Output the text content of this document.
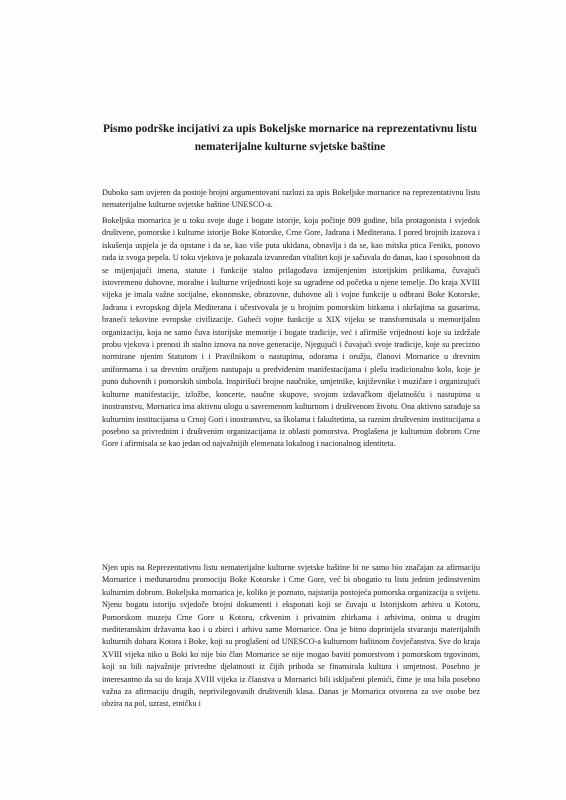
Pismo podrške incijativi za upis Bokeljske mornarice na reprezentativnu listu nematerijalne kulturne svjetske baštine

Duboko sam uvjeren da postoje brojni argumentovani razlozi za upis Bokeljske mornarice na reprezentativnu listu nematerijalne kulturne svjetske baštine UNESCO-a.

Bokeljska mornarica je u toku svoje duge i bogate istorije, koja počinje 809 godine, bila protagonista i svjedok društvene, pomorske i kulturne istorije Boke Kotorske, Crne Gore, Jadrana i Mediterana. I pored brojnih izazova i iskušenja uspjela je da opstane i da se, kao više puta ukidana, obnavlja i da se, kao mitska ptica Feniks, ponovo rada iz svoga pepela. U toku vjekova je pokazala izvanredan vitalitet koji je sačuvala do danas, kao i sposobnost da se mijenjajući imena, statute i funkcije stalno prilagođava izmijenjenim istorijskim prilikama, čuvajući istovremeno duhovne, moralne i kulturne vrijednosti koje su ugrađene od početka u njene temelje. Do kraja XVIII vijeka je imala važne socijalne, ekonomske, obrazovne, duhovne ali i vojne funkcije u odbrani Boke Kotorske, Jadrana i evropskog dijela Mediterana i učestvovala je u brojnim pomorskim bitkama i okršajima sa gusarima, braneći tekovine evropske civilizacije. Gubeći vojne funkcije u XIX vijeku se transformisala u memorijalnu organizaciju, koja ne samo čuva istorijske memorije i bogate tradicije, već i afirmiše vrijednosti koje su izdržale probu vjekova i prenosi ih stalno iznova na nove generacije. Njegujući i čuvajući svoje tradicije, koje su precizno normirane njenim Statutom i i Pravilnikom o nastupima, odorama i oružju, članovi Mornarice u drevnim uniformama i sa drevnim oružjem nastupaju u predviđenim manifestacijama i plešu tradicionalno kolo, koje je puno duhovnih i pomorskih simbola. Inspirišući brojne naučnike, umjetnike, književnike i muzičare i organizujući kulturne manifestacije, izložbe, koncerte, naučne skupove, svojom izdavačkom djelatnošću i nastupima u inostranstvu, Mornarica ima aktivnu ulogu u savremenom kulturnom i društvenom životu. Ona aktivno sarađuje sa kulturnim institucijama u Crnoj Gori i inostranstvu, sa školama i fakultetima, sa raznim društvenim institucijama a posebno sa privrednim i društvenim organizacijama iz oblasti pomorstva. Proglašena je kulturnim dobrom Crne Gore i afirmisala se kao jedan od najvažnijih elemenata lokalnog i nacionalnog identiteta.

Njen upis na Reprezentativnu listu nematerijalne kulturne svjetske baštine bi ne samo bio značajan za afirmaciju Mornarice i međunarodnu promociju Boke Kotorske i Crne Gore, već bi obogatio tu listu jednim jedinstvenim kulturnim dobrom. Bokeljska mornarica je, koliko je poznato, najstarija postojeća pomorska organizacija u svijetu. Njenu bogatu istoriju svjedoče brojni dokumenti i eksponati koji se čuvaju u Istorijskom arhivu u Kotoru, Pomorskom muzeju Crne Gore u Kotoru, crkvenim i privatnim zbirkama i arhivima, onima u drugim mediteranskim državama kao i u zbirci i arhivu same Mornarice. Ona je bitno doprinijela stvaranju materijalnih kulturnih dobara Kotora i Boke, koji su proglašeni od UNESCO-a kulturnom baštinom čovječanstva. Sve do kraja XVIII vijeka niko u Boki ko nije bio član Mornarice se nije mogao baviti pomorstvom i pomorskom trgovinom, koji su bili najvažnije privredne djelatnosti iz čijih prihoda se finansirala kultura i umjetnost. Posebno je interesantno da su do kraja XVIII vijeka iz članstva u Mornarici bili isključeni plemići, čime je ona bila posebno važna za afirmaciju drugih, neprivilegovanih društvenih klasa. Danas je Mornarica otvorena za sve osobe bez obzira na pol, uzrast, etničku i
